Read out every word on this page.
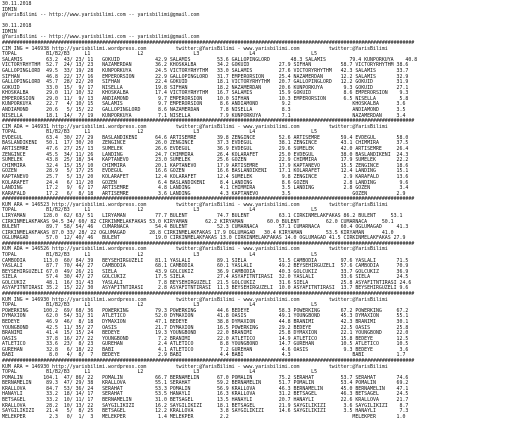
30.11.2018
IDMIN
@YarisBilimi -- http://www.yarisbilimi.com -- yarisbilimi@gmail.com
30.11.2018
IDMIN
@YarisBilimi -- http://www.yarisbilimi.com -- yarisbilimi@gmail.com
############################################################################################################################################
CIM ING = 146938 http://yarisbilimi.wordpress.com          twitter:@YarisBilimi - www.yarisbilimi.com          twitter:@YarisBilimi
TOPAL          B1/B2/B3     L1                L2                 L3                 L4                   L5
SALAMIS        63.2  43/ 23/ 11   GOKUID            42.9 SALAMIS         53.6 GALLOPINGLORD       48.3 SALAMIS        79.4 KUNPORKUYA    40.8
VICTORYRHYTHM  52.7  24/ 13/ 23   NAZAMERDAN        36.2 KHOSKALBA       34.2 GOKUID          27.9 SIFHAN          58.7 VICTORYRHYTHM 38.6
GALLOPINGLORD  49.5  33/ 19/ 28   KUNPORKUYA        24.5 VICTORYRHYTHM   33.0 SALAMIS         27.6 VICTORYRHYTHM   42.3 SALAMIS       33.7
SIFHAN         46.8  22/ 17/ 16   EMPERORSION       22.9 GALLOPINGLORD   31.7 EMPERORSION     25.4 NAZAMERDAN      12.2 SALAMIS       32.9
GALLOPINGLORD  45.7  28/ 22/ 20   SIFHAN            22.4 GOKUID          18.1 VICTORYRHYTHM   20.7 GALLOPINGLORD   12.2 GOKUID        31.9
GOKUID         33.0  15/  9/ 17   NISELLA           19.8 SIFHAN          18.2 NAZAMERDAN      20.6 KUNPORKUYA       9.3 GOKUID        27.1
KHOSKALBA      29.0  11/ 10/ 32   KHOSKALBA         17.4 VICTORYRHYTHM   16.7 SALAMIS         15.9 GOKUID           8.6 EMPERORSION    9.3
EMPERORSION    29.0  11/  9/ 13   ANDIAMOND          9.7 EMPERORSION     10.0 SIFHAN          10.3 EMPERORSION      6.5 NISELLA        5.8
KUNPORKUYA     22.7   4/ 10/ 15   SALAMIS            9.7 EMPERORSION      8.6 ANDIAMOND        9.2                     KHOSKALBA      3.6
ANDIAMOND      20.6   5/ 15/ 22   GALLOPINGLORD      8.6 NAZAMERDAN       7.8 NISELLA          8.3                     ANDIAMOND      3.5
NISELLA        18.1  14/  7/ 19   KUNPORKUYA         7.1 NISELLA          7.9 KUNPORKUYA       7.1                     NAZAMERDAN     3.4
############################################################################################################################################
CIM ADA = 146931 http://yarisbilimi.wordpress.com          twitter:@YarisBilimi - www.yarisbilimi.com          twitter:@YarisBilimi
TOPAL          B1/B2/B3     L1                L2                 L3                 L4                   L5
EVDEGUL        63.4  30/ 27/ 29   BASLANDIKENI      64.6 ARTISEMRE       39.8 ZENGINCE        52.6 ARTISEMRE       59.4 EVDEGUL       58.0
BASLANDIKENI   50.1  17/ 30/ 20   ZENGINCE          26.0 ZENGINCE        37.3 EVDEGUL         38.1 ZENGINCE        43.1 CHIMMIRA      37.5
ARTISEMRE      47.6  27/ 25/ 13   SUMELEK           26.6 EVDEGUL         36.9 EVDEGUL         29.6 SUMELEK         42.0 ARTISEMRE     26.4
ZENGINCE       45.5  34/ 11/ 26   LANDING           24.7 CHIMMIRA        26.4 KOLARAFET       25.0 EVDEGUL         38.0 BASLANDIKENI  24.3
SUMELEK        43.8  25/ 18/ 34   KAPTANEVO         23.0 SUMELEK         25.6 GOZEN           22.9 CHIMMIRA        17.9 SUMELEK       22.2
CHIMMIRA       32.4  15/ 15/ 10   CHIMMIRA          20.1 KAPTANEVO       17.9 ARTISEMRE       17.9 KAPTANEVO       15.5 ZENGINCE      18.6
GOZEN          28.9   5/ 17/ 25   EVDEGUL           16.6 GOZEN           16.6 BASLANDIKENI    17.1 KOLARAFET       12.4 LANDING       15.1
KAPTANEVO      25.7   5/ 13/ 20   KOLARAFET         12.4 KOLARAFET       12.4 SUMELEK          9.8 ZENGINCE         2.9 KARAFALD      13.6
KOLARAFET      24.4   6/ 11/ 20   GOZEN              6.4 BASLANDIKENI     8.4 LANDING          8.6 GOZEN            2.8 LANDING        9.6
LANDING        17.2   9/  6/ 17   ARTISEMRE          4.8 LANDING          4.1 CHIMMIRA         3.5 LANDING          2.8 GOZEN          3.4
KARAFALD       17.2   6/  8/ 18   ARTISEMRE          3.6 LANDING          4.3 KAPTANEVO        3.5                     GOZEN          2.9
############################################################################################################################################
KUM ARA = 146523 http://yarisbilimi.wordpress.com          twitter:@YarisBilimi - www.yarisbilimi.com          twitter:@YarisBilimi
TOPAL          B1/B2/B3     L1                L2                 L3                 L4                   L5
LIRYAMAN      128.0  62/ 63/ 51   LIRYAMAN          77.7 BULENT          74.7 BULENT          63.1 CIRKINMELAKFAKAS 86.2 BULENT     53.1
CIRKINMELAKFAKAS 94.5 34/ 60/ 82 CIRKINMELAKFAKAS 53.0 KIRYAMAN      62.2 KIRYAMAN        60.0 BULENT         62.0 CUMARNACA     50.1
BULENT         89.7  58/ 54/ 46   CUMARNACA         54.4 BULENT          52.3 CUMARNACA       57.1 CUMARNACA       60.4 OGLUMAGAD     41.3
CIRKINMELAKFAKAS 87.0 33/ 28/ 22 OGLUMAGAD        28.8 CIRKINMELAKFAKAS 17.9 OGLUMAGAD   30.4 KIRYAMAN        53.5 KIRYAMAN      41.0
OGLUMAGAD      57.0  12/ 40/ 46   BULENT            19.0 CIRKINMELAKFAKAS 13.0 CIRKINMELAKFAKAS 14.0 OGLUMAGAD 41.5 CIRKINMELAKFAKAS 27.9
############################################################################################################################################
KUM ADA = 146526 http://yarisbilimi.wordpress.com          twitter:@YarisBilimi - www.yarisbilimi.com          twitter:@YarisBilimi
TOPAL          B1/B2/B3     L1                L2                 L3                 L4                   L5
CAMBODIA      113.0  60/ 84/ 39   BEYSEHIRGUZELI    81.1 YASLALI         89.1 SIELA           51.5 CAMBODIA        97.6 YASLALI       71.5
YASLALI        87.7  70/ 44/ 27   CAMBODIA          68.1 CAMBODIA        60.1 YASLALI         49.2 BEYSEHIRGUZELI  57.6 CAMBODIA      70.9
BEYSEHIRGUZELI 67.0  49/ 26/ 21   SIELA             43.9 GOLCUKIZ        36.9 CAMBODIA        40.3 GOLCUKIZ        33.7 GOLCUKIZ      36.9
SIELA          57.4  30/ 47/ 27   GOLCUKIZ          17.5 SIELA           27.4 ASYAFITNTIRASI  32.0 YASLALI         33.6 SIELA         24.5
GOLCUKIZ       48.1  16/ 31/ 43   YASLALI            7.8 BEYSEHIRGUZELI  21.5 GOLCUKIZ        31.6 SIELA           25.8 ASYAFITNTIRASI 24.6
ASYAFITNTIRASI 35.2  15/ 22/ 30   ASYAFITNTIRASI     2.8 ASYAFITNTIRASI  11.3 BEYSEHIRGUZELI  10.0 ASYAFITNTIRASI  13.7 BEYSEHIRGUZELI 9.6
############################################################################################################################################
KUM ING = 146930 http://yarisbilimi.wordpress.com          twitter:@YarisBilimi - www.yarisbilimi.com          twitter:@YarisBilimi
TOPAL          B1/B2/B3     L1                L2                 L3                 L4                   L5
POWERKING     100.2  69/ 68/ 36   POWERKING         79.3 POWERKING       44.6 BEDEYE          58.3 POWERKING       67.2 POWERKING     67.2
DYMAXION       62.0  54/ 31/ 31   ATLETICO          52.0 DYMAXION        41.8 OASIS           49.1 YOUNGBOND       45.3 DYMAXION      55.1
BEDEYE         46.9  46/  8/ 18   DYMAXION          47.1 BEDEYE          38.8 DYMAXION        44.8 BRANIMI         42.3 BRANIMI       30.1
YOUNGBOND      42.5  11/ 35/ 27   OASIS             21.7 DYMAXION        16.5 POWERKING       29.2 BEDEYE          22.5 OASIS         25.8
BRANIMI        41.4  15/ 15/ 24   BEDEYE            19.3 YOUNGBOND       22.0 BRANIMI         25.8 DYMAXION        22.1 YOUNGBOND     22.0
OASIS          37.8  16/ 27/ 22   YOUNGBOND          7.2 BRANIMI         22.0 ATLETICO        14.9 ATLETICO        15.8 BEDEYE        12.5
ATLETICO       33.6  23/  8/ 23   GUREHAN            2.4 ATLETICO         8.8 YOUNGBOND       14.7 GUREHAN         10.5 ATLETICO      10.5
GUREHAN        32.8   6/ 18/ 22   BABI               4.1 ATLETICO         7.2 GUREHAN          4.6 OASIS            9.3 BEDEYE         3.6
BABI            8.0   4/  8/  7   BEDEYE             2.9 BABI             4.4 BABI             4.3                     BABI           1.7
############################################################################################################################################
KUM ARA = 146930 http://yarisbilimi.wordpress.com          twitter:@YarisBilimi - www.yarisbilimi.com          twitter:@YarisBilimi
TOPAL          B1/B2/B3     L1                L2                 L3                 L4                   L5
POMALIN       104.1  47/ 86/ 22   POMALIN           66.7 BERNAMELIN      67.0 POMALIN         75.2 SERAHAT         53.7 SERAHAT       74.6
BERNAMELIN     89.3  47/ 29/ 38   KRALLOVA          55.1 SERAHAT         59.2 BERNAMELIN      51.7 POMALIN         53.4 POMALIN       69.2
KRALLOVA       84.7  53/ 36/ 24   SERAHAT           53.3 POMALIN         56.9 KRALLOVA        46.3 BERNAMELIN      45.0 BERNAMELIN    47.1
HANAYLI        33.2  18/ 14/ 17   SERAHAT           53.5 HANAYLI         16.3 KRALLOVA        31.2 BETSAGEL        46.3 BETSAGEL      24.5
BETSAGEL       33.2  10/ 11/ 17   BERNAMELIN        31.0 BETSAGEL        13.5 HANAYLI         20.7 HANAYLI         22.6 KRALLOVA      21.7
KRALLOVA       28.2  10/ 13/ 22   SAYGILIKIZI       16.2 SAYGILIKIZI     18.1 BETSAGEL        21.9 SAYGILIKIZI      3.6 SAYGILIKIZI    8.7
SAYGILIKIZI    21.4   5/  8/ 25   BETSAGEL          12.2 KRALLOVA         3.8 SAYGILIKIZI     14.6 SAYGILIKIZI      3.5 HANAYLI        7.3
MELEKPER        2.3   0/  1/  3   MELEKPER           1.4 MELEKPER         2.2                                          MELEKPER       1.0
